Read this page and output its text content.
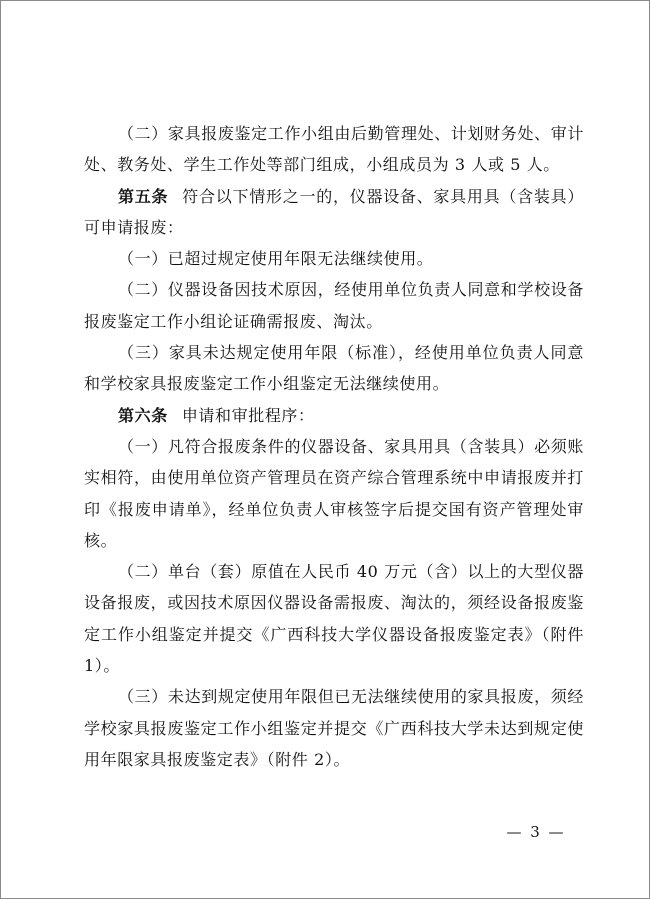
（二）家具报废鉴定工作小组由后勤管理处、计划财务处、审计处、教务处、学生工作处等部门组成，小组成员为 3 人或 5 人。

第五条 符合以下情形之一的，仪器设备、家具用具（含装具）可申请报废：

（一）已超过规定使用年限无法继续使用。

（二）仪器设备因技术原因，经使用单位负责人同意和学校设备报废鉴定工作小组论证确需报废、淘汰。

（三）家具未达规定使用年限（标准），经使用单位负责人同意和学校家具报废鉴定工作小组鉴定无法继续使用。

第六条 申请和审批程序：

（一）凡符合报废条件的仪器设备、家具用具（含装具）必须账实相符，由使用单位资产管理员在资产综合管理系统中申请报废并打印《报废申请单》，经单位负责人审核签字后提交国有资产管理处审核。

（二）单台（套）原值在人民币 40 万元（含）以上的大型仪器设备报废，或因技术原因仪器设备需报废、淘汰的，须经设备报废鉴定工作小组鉴定并提交《广西科技大学仪器设备报废鉴定表》（附件 1）。

（三）未达到规定使用年限但已无法继续使用的家具报废，须经学校家具报废鉴定工作小组鉴定并提交《广西科技大学未达到规定使用年限家具报废鉴定表》（附件 2）。

— 3 —
